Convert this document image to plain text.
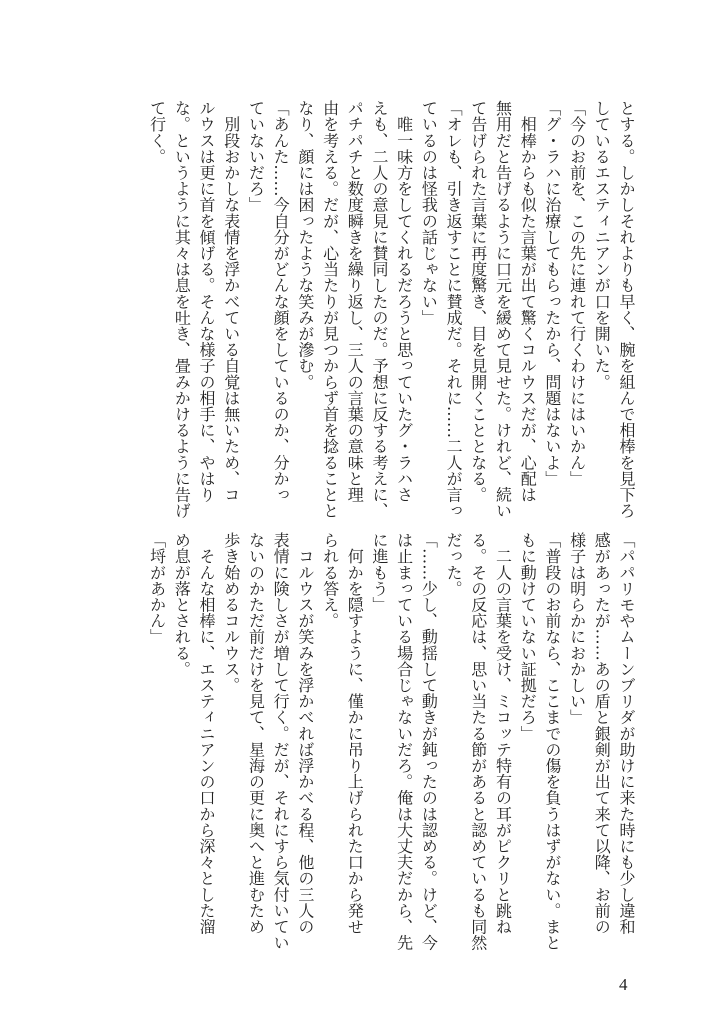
とする。しかしそれよりも早く、腕を組んで相棒を見下ろ
しているエスティニアンが口を開いた。
「今のお前を、この先に連れて行くわけにはいかん」
「グ・ラハに治療してもらったから、問題はないよ」
　相棒からも似た言葉が出て驚くコルウスだが、心配は
無用だと告げるように口元を緩めて見せた。けれど、続い
て告げられた言葉に再度驚き、目を見開くこととなる。
「オレも、引き返すことに賛成だ。それに……二人が言っ
ているのは怪我の話じゃない」
　唯一味方をしてくれるだろうと思っていたグ・ラハさ
えも、二人の意見に賛同したのだ。予想に反する考えに、
パチパチと数度瞬きを繰り返し、三人の言葉の意味と理
由を考える。だが、心当たりが見つからず首を捻ることと
なり、顔には困ったような笑みが滲む。
「あんた……今自分がどんな顔をしているのか、分かっ
ていないだろ」
　別段おかしな表情を浮かべている自覚は無いため、コ
ルウスは更に首を傾げる。そんな様子の相手に、やはり
な。というように其々は息を吐き、畳みかけるように告げ
て行く。
「パパリモやムーンブリダが助けに来た時にも少し違和
感があったが……あの盾と銀剣が出て来て以降、お前の
様子は明らかにおかしい」
「普段のお前なら、ここまでの傷を負うはずがない。まと
もに動けていない証拠だろ」
　二人の言葉を受け、ミコッテ特有の耳がピクリと跳ね
る。その反応は、思い当たる節があると認めているも同然
だった。
「……少し、動揺して動きが鈍ったのは認める。けど、今
は止まっている場合じゃないだろ。俺は大丈夫だから、先
に進もう」
　何かを隠すように、僅かに吊り上げられた口から発せ
られる答え。
　コルウスが笑みを浮かべれば浮かべる程、他の三人の
表情に険しさが増して行く。だが、それにすら気付いてい
ないのかただ前だけを見て、星海の更に奥へと進むため
歩き始めるコルウス。
　そんな相棒に、エスティニアンの口から深々とした溜
め息が落とされる。
「埒があかん」
4
